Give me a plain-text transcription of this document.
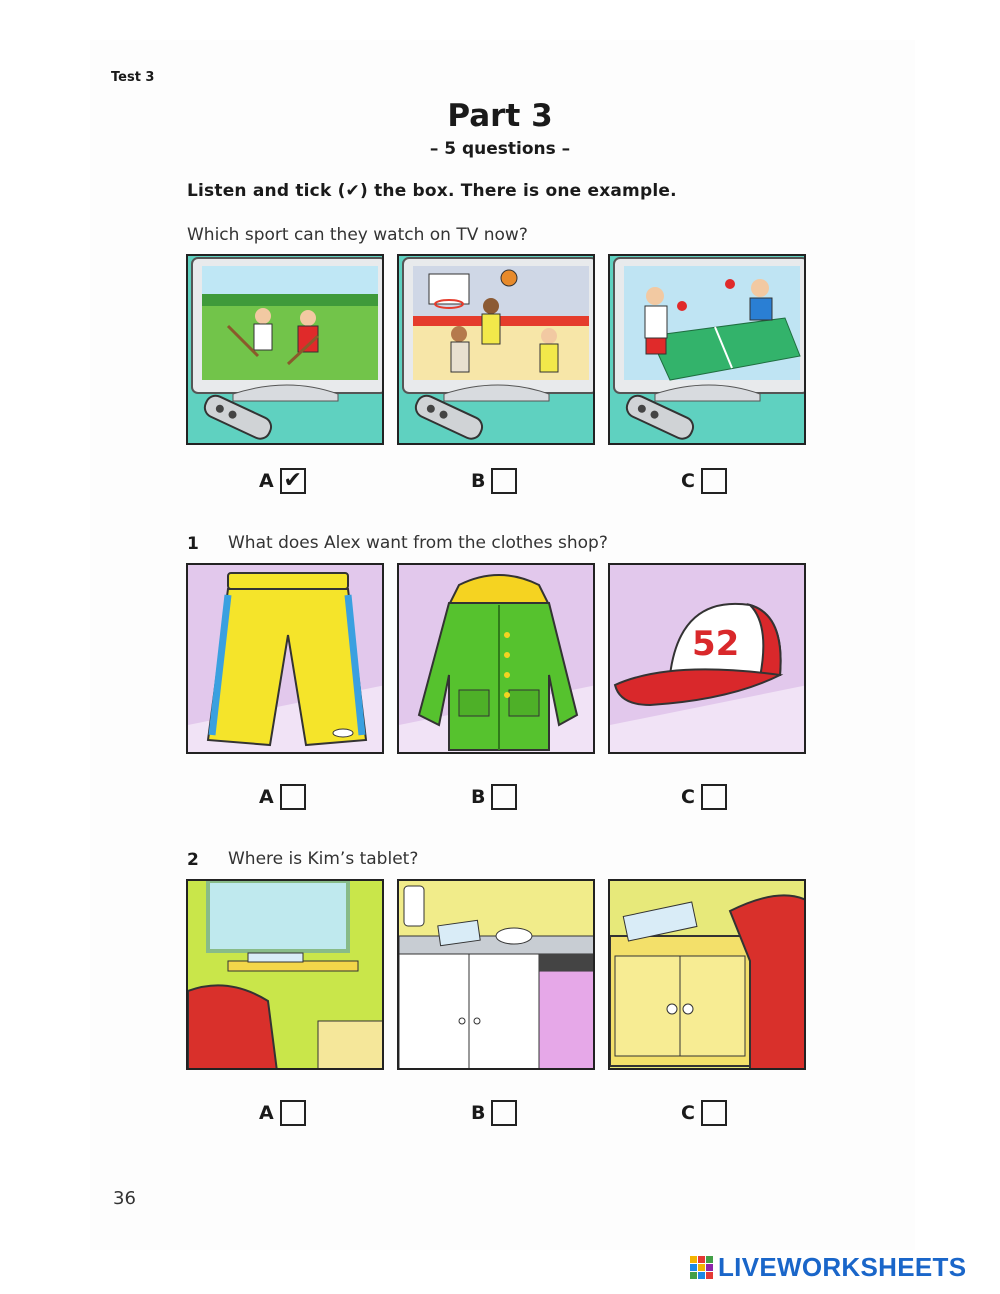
Test 3
Part 3
– 5 questions –
Listen and tick (✔) the box. There is one example.
Which sport can they watch on TV now?
A ✔	B	C
1 What does Alex want from the clothes shop?
52
A	B	C
2 Where is Kim’s tablet?
A	B	C
36
LIVEWORKSHEETS
